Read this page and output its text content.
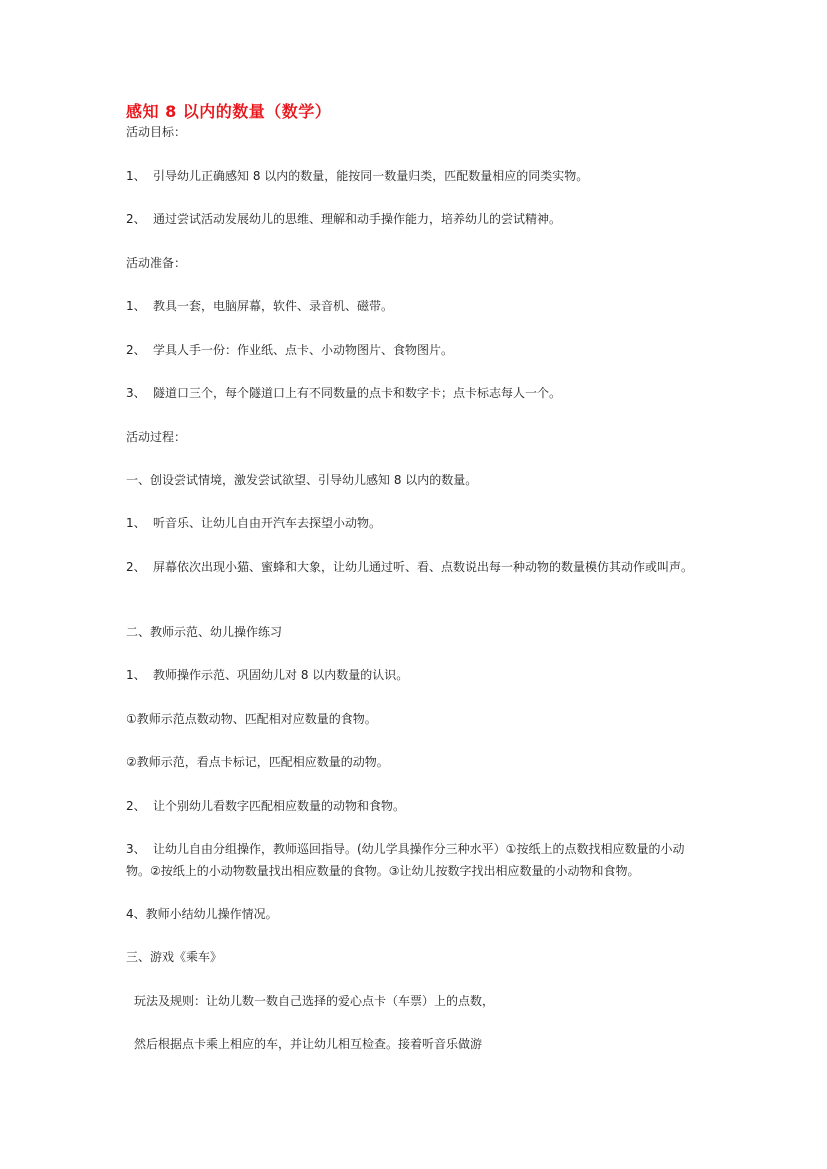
感知 8 以内的数量（数学）
活动目标：
1、 引导幼儿正确感知 8 以内的数量，能按同一数量归类，匹配数量相应的同类实物。
2、 通过尝试活动发展幼儿的思维、理解和动手操作能力，培养幼儿的尝试精神。
活动准备：
1、 教具一套，电脑屏幕，软件、录音机、磁带。
2、 学具人手一份：作业纸、点卡、小动物图片、食物图片。
3、 隧道口三个，每个隧道口上有不同数量的点卡和数字卡；点卡标志每人一个。
活动过程：
一、创设尝试情境，激发尝试欲望、引导幼儿感知 8 以内的数量。
1、 听音乐、让幼儿自由开汽车去探望小动物。
2、 屏幕依次出现小猫、蜜蜂和大象，让幼儿通过听、看、点数说出每一种动物的数量模仿其动作或叫声。
二、教师示范、幼儿操作练习
1、 教师操作示范、巩固幼儿对 8 以内数量的认识。
①教师示范点数动物、匹配相对应数量的食物。
②教师示范，看点卡标记，匹配相应数量的动物。
2、 让个别幼儿看数字匹配相应数量的动物和食物。
3、 让幼儿自由分组操作，教师巡回指导。(幼儿学具操作分三种水平）①按纸上的点数找相应数量的小动
物。②按纸上的小动物数量找出相应数量的食物。③让幼儿按数字找出相应数量的小动物和食物。
4、教师小结幼儿操作情况。
三、游戏《乘车》
玩法及规则：让幼儿数一数自己选择的爱心点卡（车票）上的点数，
然后根据点卡乘上相应的车，并让幼儿相互检查。接着听音乐做游
